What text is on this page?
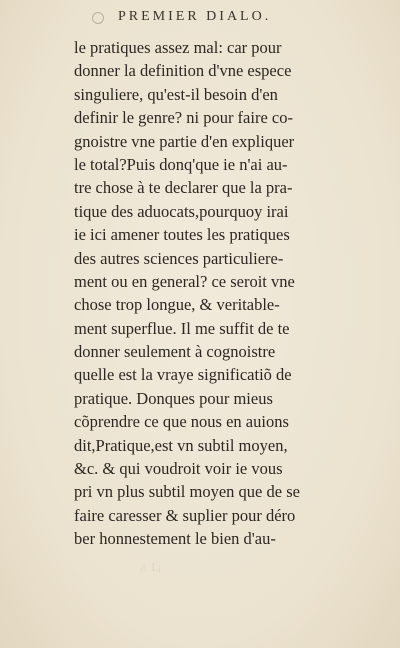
PREMIER DIALO.
le pratiques assez mal: car pour
donner la definition d'vne espece
singuliere, qu'est-il besoin d'en
definir le genre? ni pour faire co-
gnoistre vne partie d'en expliquer
le total?Puis donq'que ie n'ai au-
tre chose à te declarer que la pra-
tique des aduocats,pourquoy irai
ie ici amener toutes les pratiques
des autres sciences particuliere-
ment ou en general? ce seroit vne
chose trop longue, & veritable-
ment superflue. Il me suffit de te
donner seulement à cognoistre
quelle est la vraye significatiõ de
pratique. Donques pour mieus
cõprendre ce que nous en auions
dit,Pratique,est vn subtil moyen,
&c. & qui voudroit voir ie vous
pri vn plus subtil moyen que de se
faire caresser & suplier pour déro
ber honnestement le bien d'au-
ᵢₜ ʟᵢ
